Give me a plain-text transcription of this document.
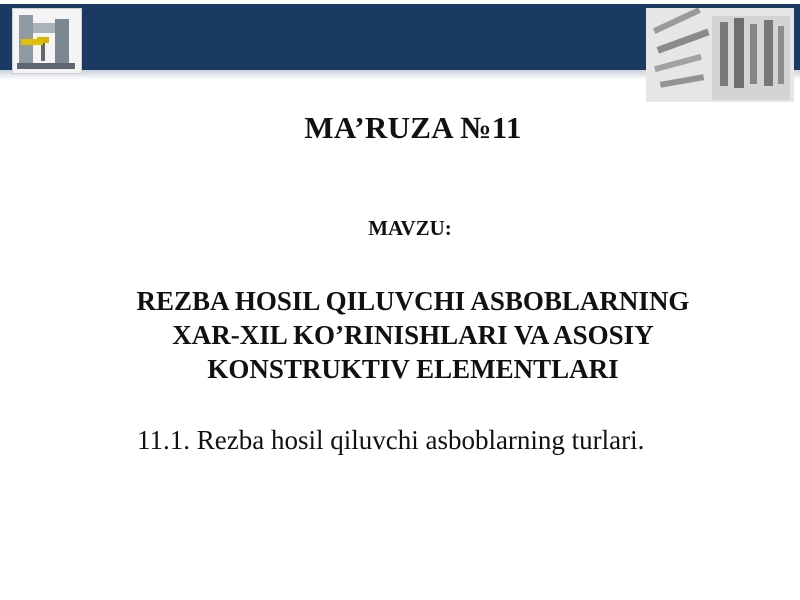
MA’RUZA №11
MAVZU:
REZBA HOSIL QILUVCHI ASBOBLARNING
XAR-XIL KO’RINISHLARI VA ASOSIY
KONSTRUKTIV ELEMENTLARI
11.1. Rezba hosil qiluvchi asboblarning turlari.
